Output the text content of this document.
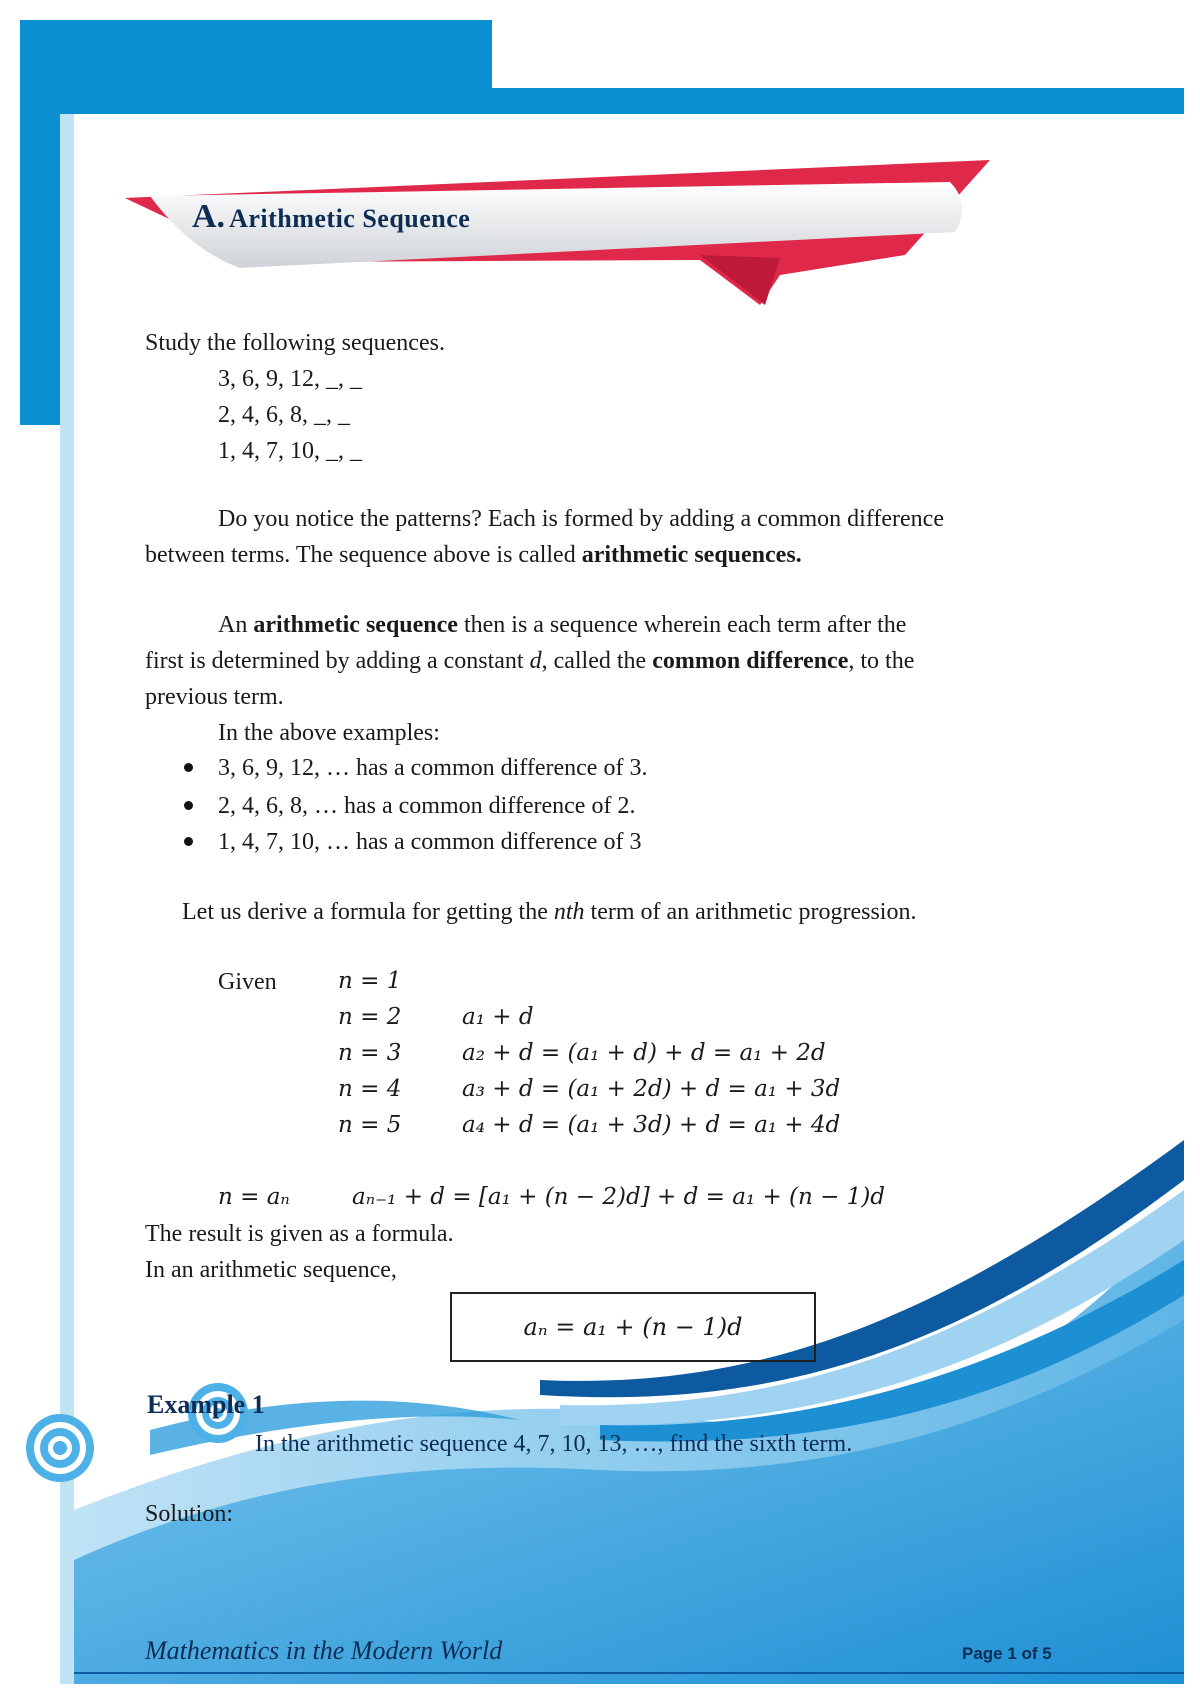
A. Arithmetic Sequence
Study the following sequences.
3, 6, 9, 12, _, _
2, 4, 6, 8, _, _
1, 4, 7, 10, _, _
Do you notice the patterns? Each is formed by adding a common difference
between terms. The sequence above is called arithmetic sequences.
An arithmetic sequence then is a sequence wherein each term after the
first is determined by adding a constant d, called the common difference, to the
previous term.
In the above examples:
3, 6, 9, 12, … has a common difference of 3.
2, 4, 6, 8, … has a common difference of 2.
1, 4, 7, 10, … has a common difference of 3
Let us derive a formula for getting the nth term of an arithmetic progression.
Given	n = 1
n = 2	a₁ + d
n = 3	a₂ + d = (a₁ + d) + d = a₁ + 2d
n = 4	a₃ + d = (a₁ + 2d) + d = a₁ + 3d
n = 5	a₄ + d = (a₁ + 3d) + d = a₁ + 4d
n = aₙ	aₙ₋₁ + d = [a₁ + (n − 2)d] + d = a₁ + (n − 1)d
The result is given as a formula.
In an arithmetic sequence,
aₙ = a₁ + (n − 1)d
Example 1
In the arithmetic sequence 4, 7, 10, 13, …, find the sixth term.
Solution:
Mathematics in the Modern World	Page 1 of 5
